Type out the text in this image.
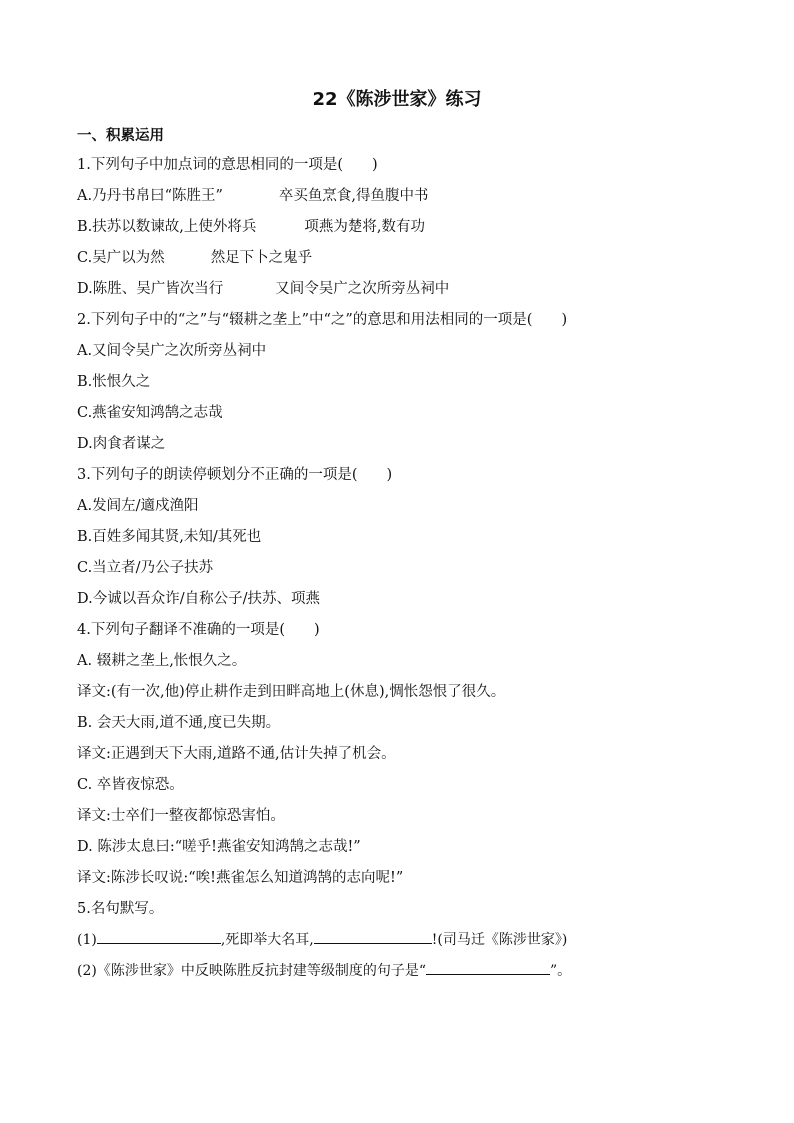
22《陈涉世家》练习
一、积累运用
1.下列句子中加点词的意思相同的一项是(　　)
A.乃丹书帛曰“陈胜王”	卒买鱼烹食,得鱼腹中书
B.扶苏以数谏故,上使外将兵	项燕为楚将,数有功
C.吴广以为然	然足下卜之鬼乎
D.陈胜、吴广皆次当行	又间令吴广之次所旁丛祠中
2.下列句子中的“之”与“辍耕之垄上”中“之”的意思和用法相同的一项是(　　)
A.又间令吴广之次所旁丛祠中
B.怅恨久之
C.燕雀安知鸿鹄之志哉
D.肉食者谋之
3.下列句子的朗读停顿划分不正确的一项是(　　)
A.发闾左/適戍渔阳
B.百姓多闻其贤,未知/其死也
C.当立者/乃公子扶苏
D.今诚以吾众诈/自称公子/扶苏、项燕
4.下列句子翻译不准确的一项是(　　)
A. 辍耕之垄上,怅恨久之。
译文:(有一次,他)停止耕作走到田畔高地上(休息),惆怅怨恨了很久。
B. 会天大雨,道不通,度已失期。
译文:正遇到天下大雨,道路不通,估计失掉了机会。
C. 卒皆夜惊恐。
译文:士卒们一整夜都惊恐害怕。
D. 陈涉太息曰:“嗟乎!燕雀安知鸿鹄之志哉!”
译文:陈涉长叹说:“唉!燕雀怎么知道鸿鹄的志向呢!”
5.名句默写。
(1)	,死即举大名耳,	!(司马迁《陈涉世家》)
(2)《陈涉世家》中反映陈胜反抗封建等级制度的句子是“	”。
